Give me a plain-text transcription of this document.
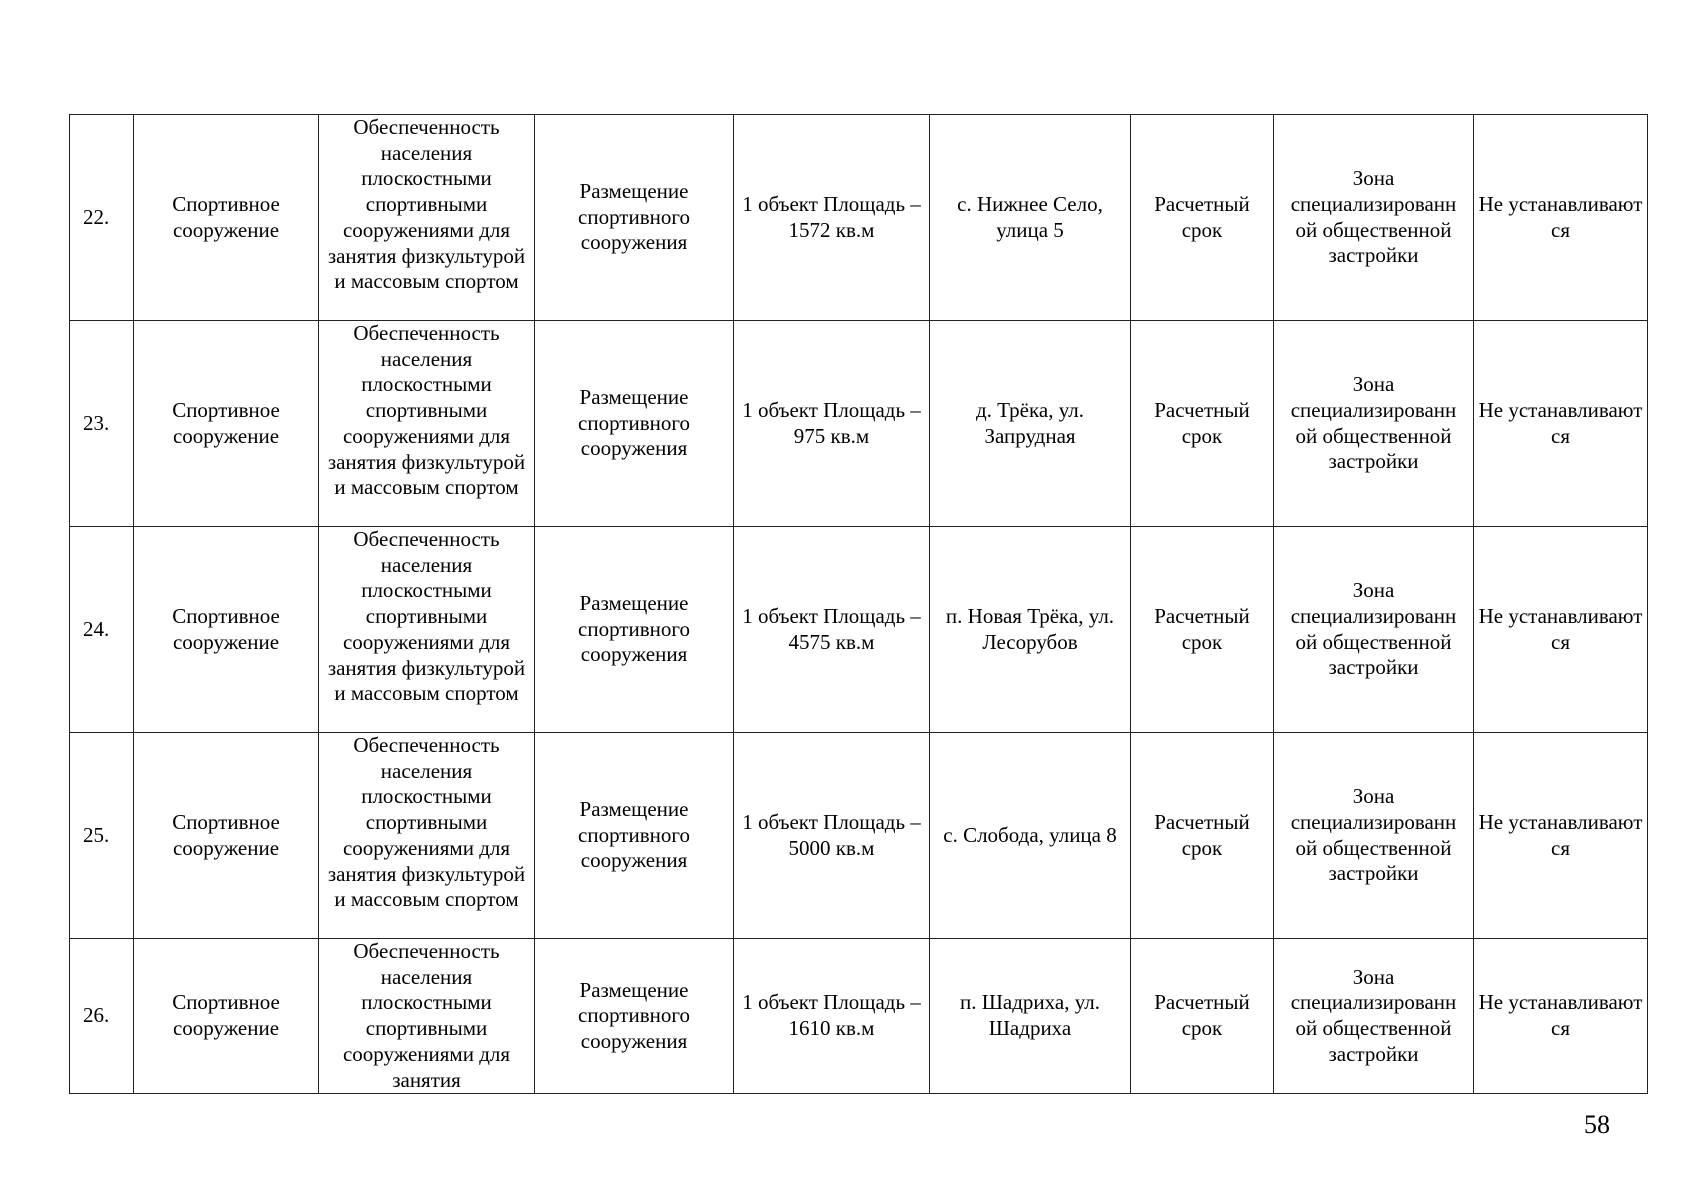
22.	Спортивное сооружение	Обеспеченность населения плоскостными спортивными сооружениями для занятия физкультурой и массовым спортом	Размещение спортивного сооружения	1 объект Площадь – 1572 кв.м	с. Нижнее Село, улица 5	Расчетный срок	Зона специализированн ой общественной застройки	Не устанавливают ся
23.	Спортивное сооружение	Обеспеченность населения плоскостными спортивными сооружениями для занятия физкультурой и массовым спортом	Размещение спортивного сооружения	1 объект Площадь – 975 кв.м	д. Трёка, ул. Запрудная	Расчетный срок	Зона специализированн ой общественной застройки	Не устанавливают ся
24.	Спортивное сооружение	Обеспеченность населения плоскостными спортивными сооружениями для занятия физкультурой и массовым спортом	Размещение спортивного сооружения	1 объект Площадь – 4575 кв.м	п. Новая Трёка, ул. Лесорубов	Расчетный срок	Зона специализированн ой общественной застройки	Не устанавливают ся
25.	Спортивное сооружение	Обеспеченность населения плоскостными спортивными сооружениями для занятия физкультурой и массовым спортом	Размещение спортивного сооружения	1 объект Площадь – 5000 кв.м	с. Слобода, улица 8	Расчетный срок	Зона специализированн ой общественной застройки	Не устанавливают ся
26.	Спортивное сооружение	Обеспеченность населения плоскостными спортивными сооружениями для занятия	Размещение спортивного сооружения	1 объект Площадь – 1610 кв.м	п. Шадриха, ул. Шадриха	Расчетный срок	Зона специализированн ой общественной застройки	Не устанавливают ся
58
